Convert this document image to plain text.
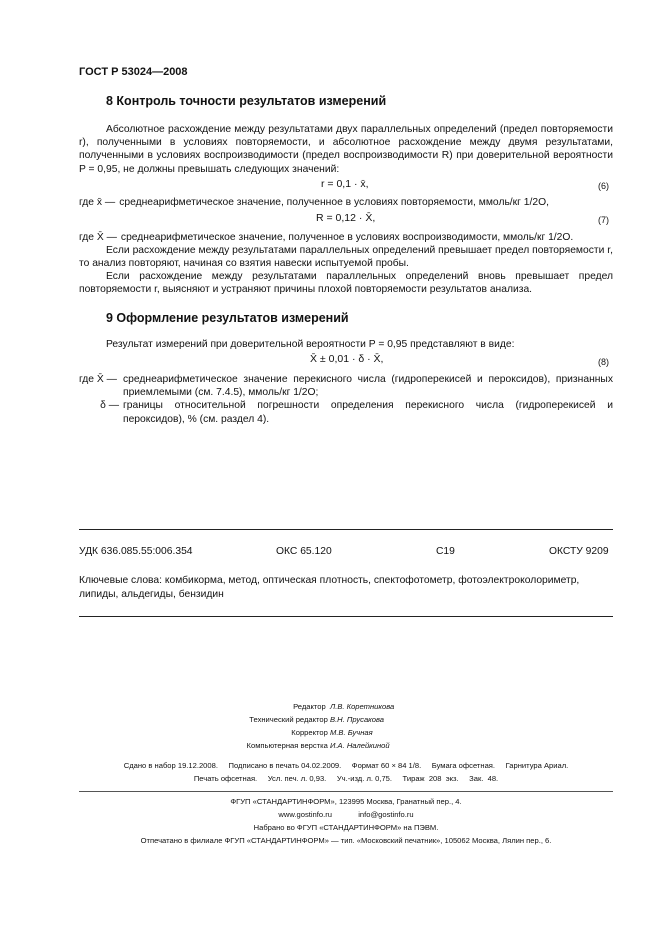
ГОСТ Р 53024—2008
8 Контроль точности результатов измерений
Абсолютное расхождение между результатами двух параллельных определений (предел повторяемости r), полученными в условиях повторяемости, и абсолютное расхождение между двумя результатами, полученными в условиях воспроизводимости (предел воспроизводимости R) при доверительной вероятности P = 0,95, не должны превышать следующих значений:
r = 0,1 · x̄,	(6)
где x̄ — среднеарифметическое значение, полученное в условиях повторяемости, ммоль/кг 1/2О,
R = 0,12 · X̄,	(7)
где X̄ — среднеарифметическое значение, полученное в условиях воспроизводимости, ммоль/кг 1/2О.
Если расхождение между результатами параллельных определений превышает предел повторяемости r, то анализ повторяют, начиная со взятия навески испытуемой пробы.
Если расхождение между результатами параллельных определений вновь превышает предел повторяемости r, выясняют и устраняют причины плохой повторяемости результатов анализа.
9 Оформление результатов измерений
Результат измерений при доверительной вероятности P = 0,95 представляют в виде:
X̄ ± 0,01 · δ · X̄,	(8)
где X̄ — среднеарифметическое значение перекисного числа (гидроперекисей и пероксидов), признанных приемлемыми (см. 7.4.5), ммоль/кг 1/2О;
δ — границы относительной погрешности определения перекисного числа (гидроперекисей и пероксидов), % (см. раздел 4).
УДК 636.085.55:006.354	ОКС 65.120	С19	ОКСТУ 9209
Ключевые слова: комбикорма, метод, оптическая плотность, спектофотометр, фотоэлектроколориметр, липиды, альдегиды, бензидин
Редактор Л.В. Коретникова
Технический редактор В.Н. Прусакова
Корректор М.В. Бучная
Компьютерная верстка И.А. Налейкиной
Сдано в набор 19.12.2008.     Подписано в печать 04.02.2009.     Формат 60 × 84 1/8.     Бумага офсетная.     Гарнитура Ариал.
Печать офсетная.     Усл. печ. л. 0,93.     Уч.-изд. л. 0,75.     Тираж  208  экз.     Зак.  48.
ФГУП «СТАНДАРТИНФОРМ», 123995 Москва, Гранатный пер., 4.
www.gostinfo.ru	info@gostinfo.ru
Набрано во ФГУП «СТАНДАРТИНФОРМ» на ПЭВМ.
Отпечатано в филиале ФГУП «СТАНДАРТИНФОРМ» — тип. «Московский печатник», 105062 Москва, Лялин пер., 6.
